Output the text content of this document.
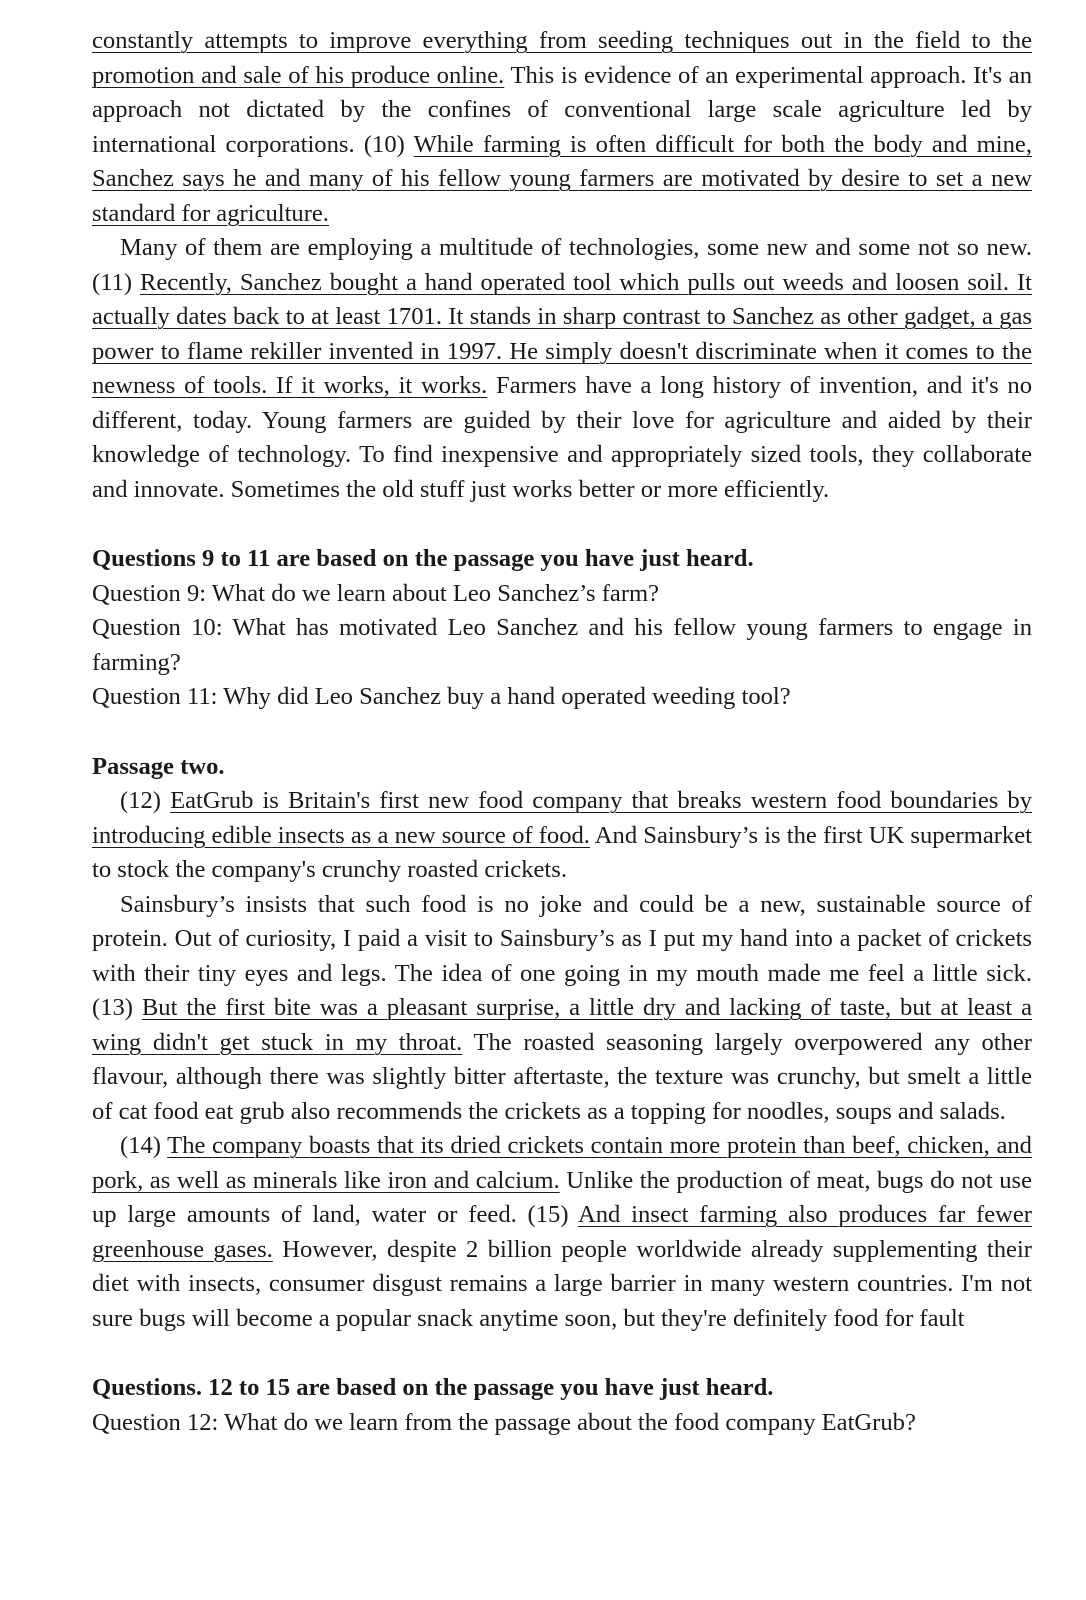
constantly attempts to improve everything from seeding techniques out in the field to the promotion and sale of his produce online. This is evidence of an experimental approach. It's an approach not dictated by the confines of conventional large scale agriculture led by international corporations. (10) While farming is often difficult for both the body and mine, Sanchez says he and many of his fellow young farmers are motivated by desire to set a new standard for agriculture.

Many of them are employing a multitude of technologies, some new and some not so new. (11) Recently, Sanchez bought a hand operated tool which pulls out weeds and loosen soil. It actually dates back to at least 1701. It stands in sharp contrast to Sanchez as other gadget, a gas power to flame rekiller invented in 1997. He simply doesn't discriminate when it comes to the newness of tools. If it works, it works. Farmers have a long history of invention, and it's no different, today. Young farmers are guided by their love for agriculture and aided by their knowledge of technology. To find inexpensive and appropriately sized tools, they collaborate and innovate. Sometimes the old stuff just works better or more efficiently.

Questions 9 to 11 are based on the passage you have just heard.

Question 9: What do we learn about Leo Sanchez’s farm?

Question 10: What has motivated Leo Sanchez and his fellow young farmers to engage in farming?

Question 11: Why did Leo Sanchez buy a hand operated weeding tool?

Passage two.

(12) EatGrub is Britain's first new food company that breaks western food boundaries by introducing edible insects as a new source of food. And Sainsbury’s is the first UK supermarket to stock the company's crunchy roasted crickets.

Sainsbury’s insists that such food is no joke and could be a new, sustainable source of protein. Out of curiosity, I paid a visit to Sainsbury’s as I put my hand into a packet of crickets with their tiny eyes and legs. The idea of one going in my mouth made me feel a little sick. (13) But the first bite was a pleasant surprise, a little dry and lacking of taste, but at least a wing didn't get stuck in my throat. The roasted seasoning largely overpowered any other flavour, although there was slightly bitter aftertaste, the texture was crunchy, but smelt a little of cat food eat grub also recommends the crickets as a topping for noodles, soups and salads.

(14) The company boasts that its dried crickets contain more protein than beef, chicken, and pork, as well as minerals like iron and calcium. Unlike the production of meat, bugs do not use up large amounts of land, water or feed. (15) And insect farming also produces far fewer greenhouse gases. However, despite 2 billion people worldwide already supplementing their diet with insects, consumer disgust remains a large barrier in many western countries. I'm not sure bugs will become a popular snack anytime soon, but they're definitely food for fault

Questions. 12 to 15 are based on the passage you have just heard.

Question 12: What do we learn from the passage about the food company EatGrub?
